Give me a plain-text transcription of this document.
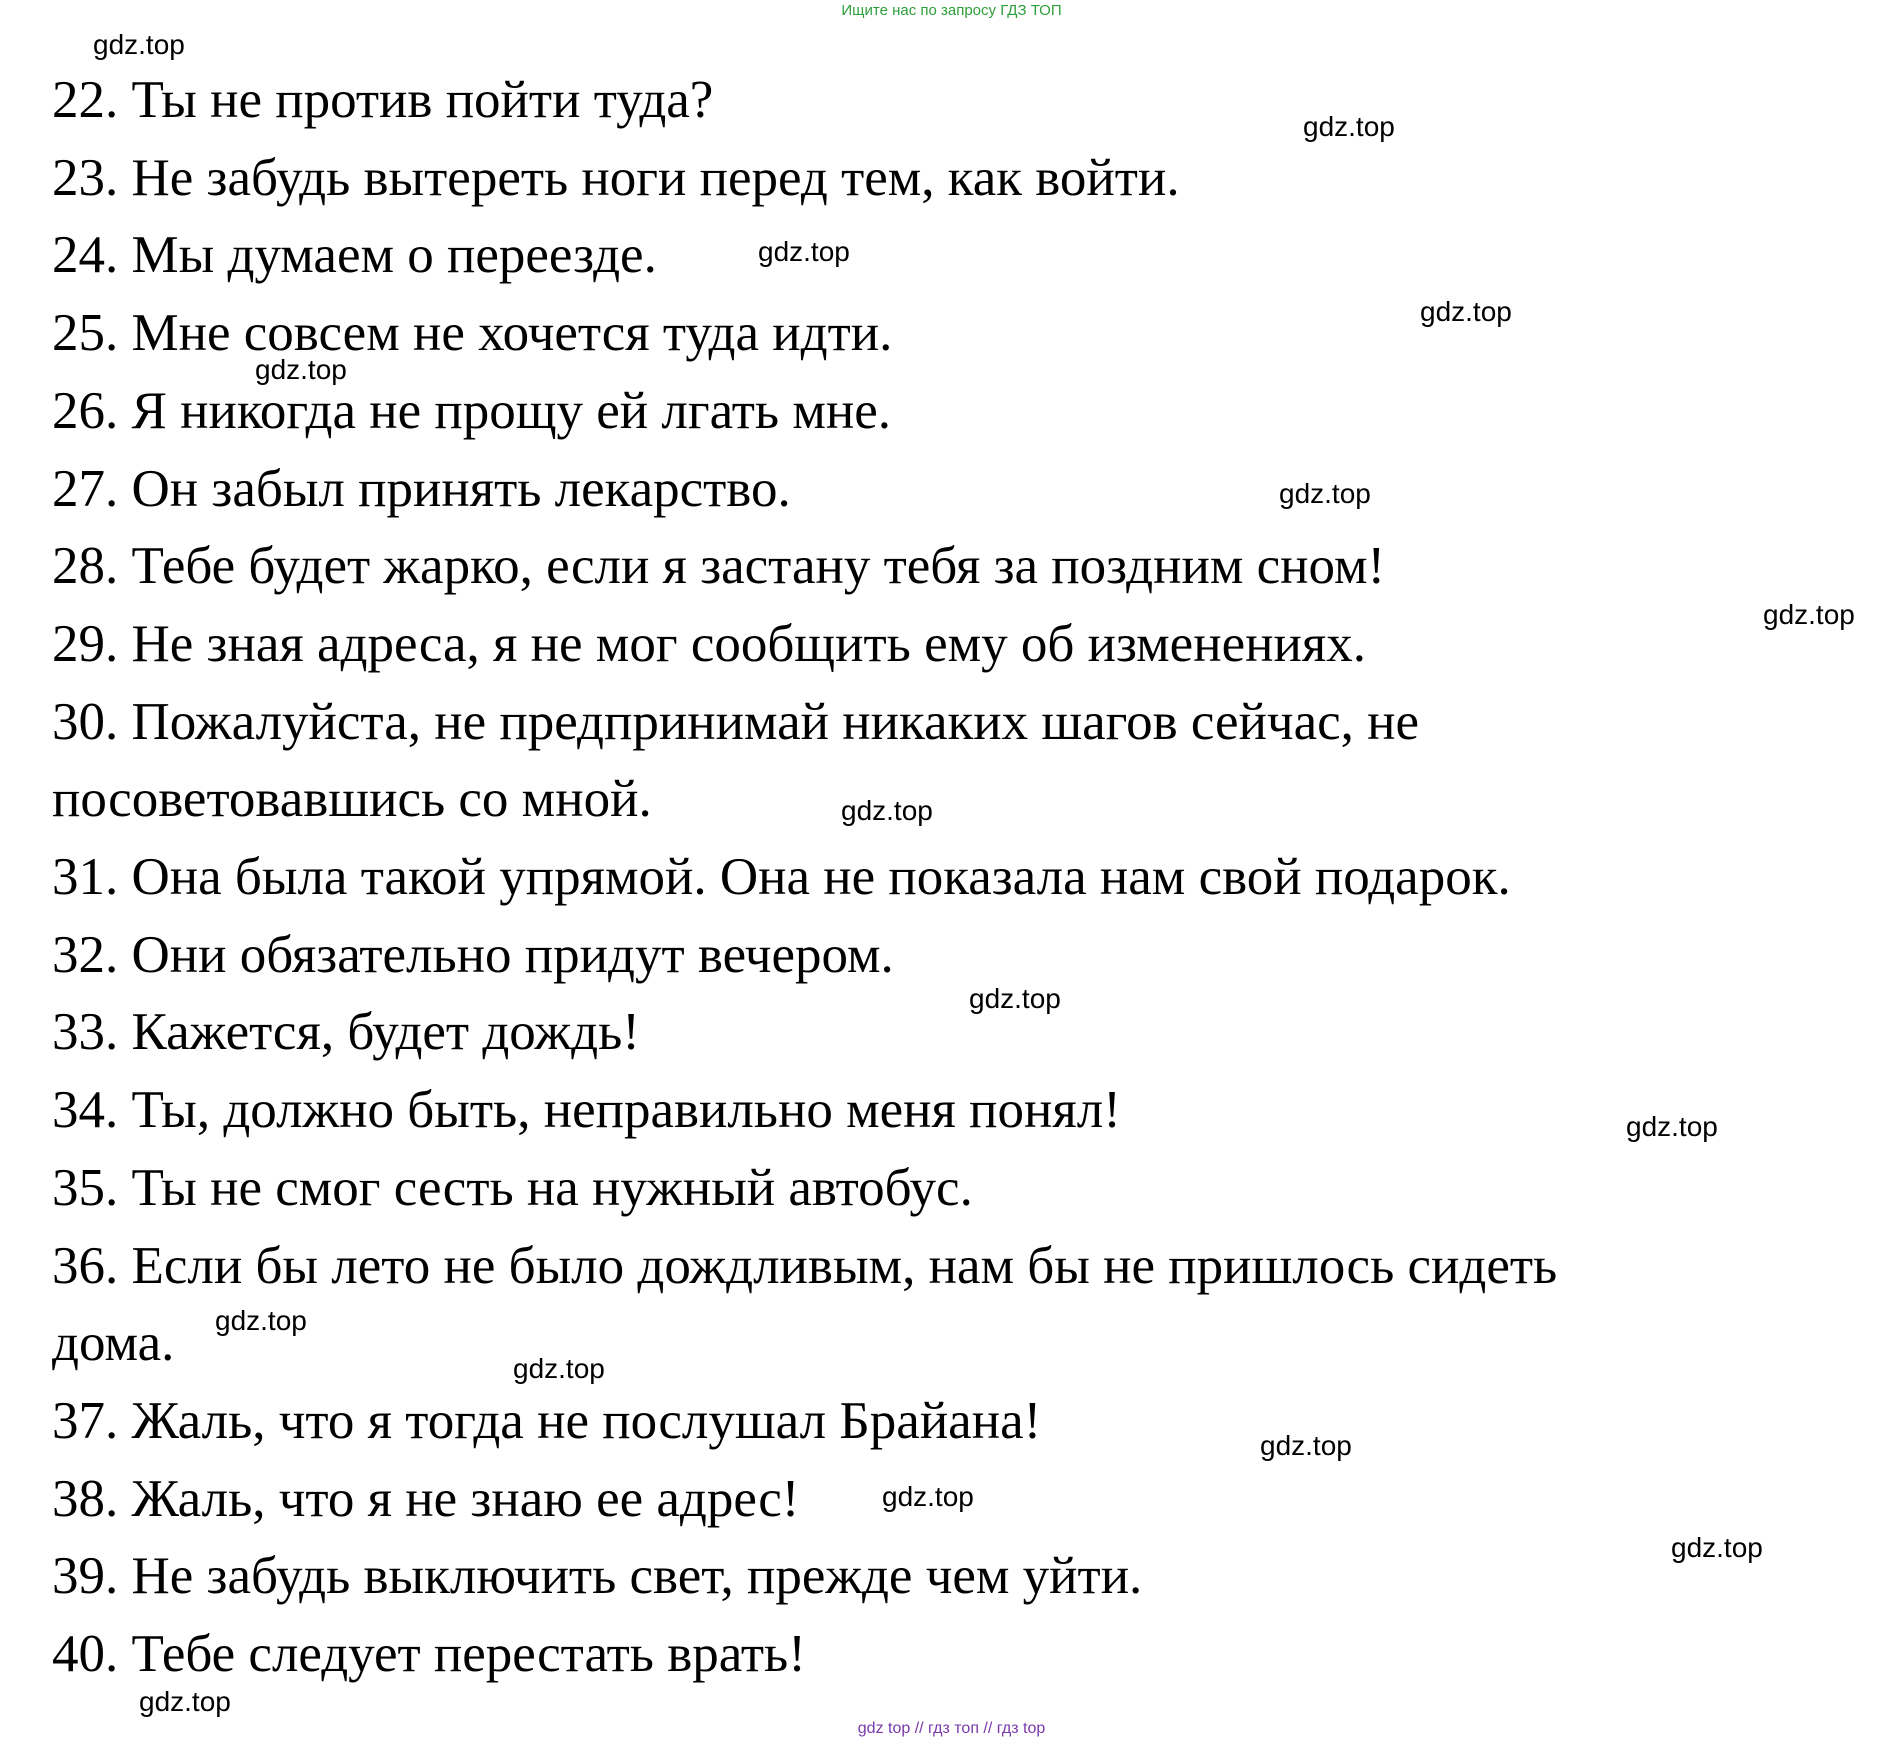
Ищите нас по запросу ГДЗ ТОП
22. Ты не против пойти туда?
23. Не забудь вытереть ноги перед тем, как войти.
24. Мы думаем о переезде.
25. Мне совсем не хочется туда идти.
26. Я никогда не прощу ей лгать мне.
27. Он забыл принять лекарство.
28. Тебе будет жарко, если я застану тебя за поздним сном!
29. Не зная адреса, я не мог сообщить ему об изменениях.
30. Пожалуйста, не предпринимай никаких шагов сейчас, не
посоветовавшись со мной.
31. Она была такой упрямой. Она не показала нам свой подарок.
32. Они обязательно придут вечером.
33. Кажется, будет дождь!
34. Ты, должно быть, неправильно меня понял!
35. Ты не смог сесть на нужный автобус.
36. Если бы лето не было дождливым, нам бы не пришлось сидеть
дома.
37. Жаль, что я тогда не послушал Брайана!
38. Жаль, что я не знаю ее адрес!
39. Не забудь выключить свет, прежде чем уйти.
40. Тебе следует перестать врать!
gdz.top
gdz.top
gdz.top
gdz.top
gdz.top
gdz.top
gdz.top
gdz.top
gdz.top
gdz.top
gdz.top
gdz.top
gdz.top
gdz.top
gdz.top
gdz.top
gdz top // гдз топ // гдз top
